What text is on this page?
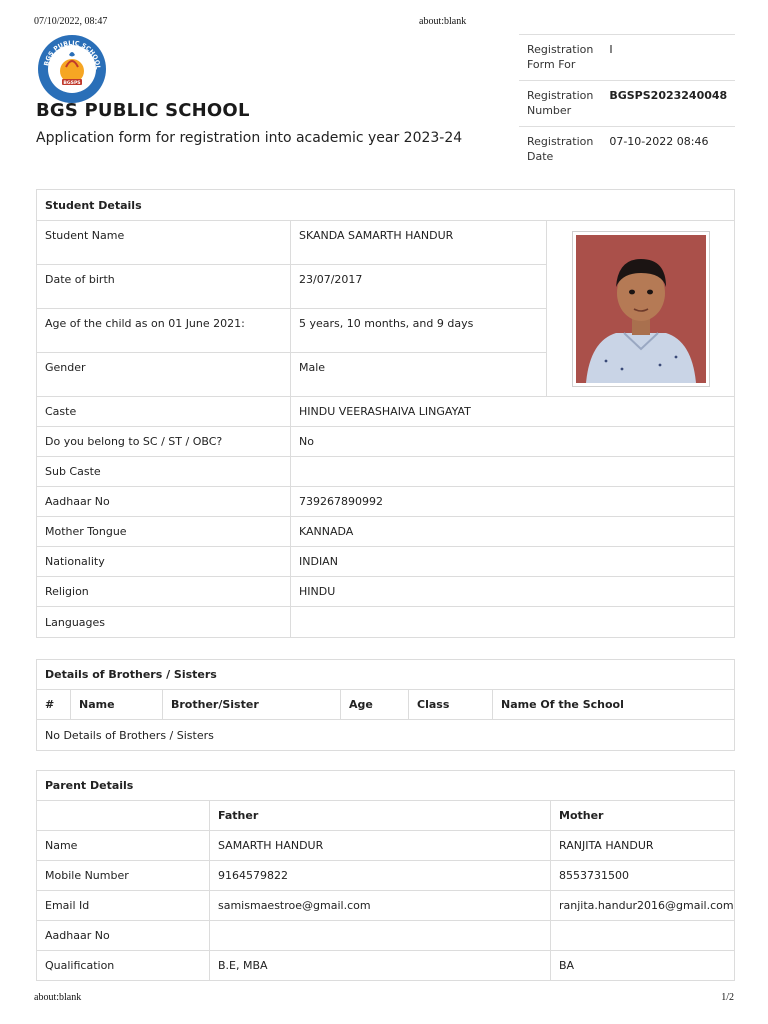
07/10/2022, 08:47	about:blank
BGS PUBLIC SCHOOL
BGSPS
BGS PUBLIC SCHOOL
Application form for registration into academic year 2023-24
Registration Form For	I
Registration Number	BGSPS2023240048
Registration Date	07-10-2022 08:46
Student Details		
Student Name	SKANDA SAMARTH HANDUR	

Date of birth	23/07/2017	
Age of the child as on 01 June 2021:	5 years, 10 months, and 9 days	
Gender	Male	
Caste	HINDU VEERASHAIVA LINGAYAT	
Do you belong to SC / ST / OBC?	No	
Sub Caste		
Aadhaar No	739267890992	
Mother Tongue	KANNADA	
Nationality	INDIAN	
Religion	HINDU	
Languages		
Details of Brothers / Sisters
#	Name	Brother/Sister	Age	Class	Name Of the School
No Details of Brothers / Sisters
Parent Details		
	Father	Mother
Name	SAMARTH HANDUR	RANJITA HANDUR
Mobile Number	9164579822	8553731500
Email Id	samismaestroe@gmail.com	ranjita.handur2016@gmail.com
Aadhaar No		
Qualification	B.E, MBA	BA
about:blank	1/2
